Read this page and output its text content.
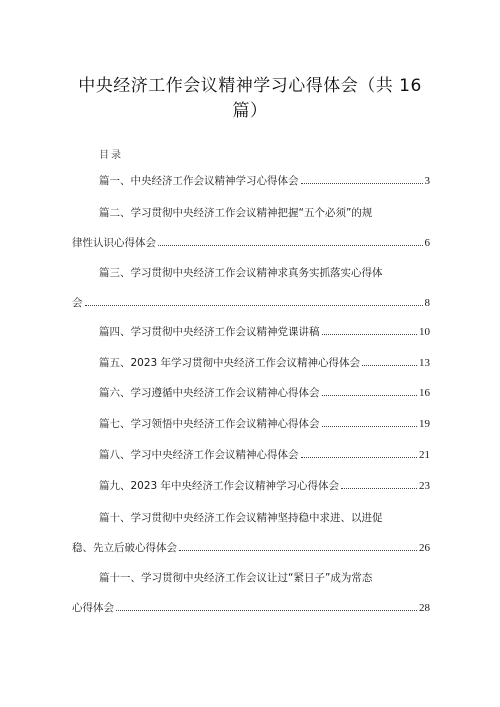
中央经济工作会议精神学习心得体会（共 16
篇）
目录
篇一、中央经济工作会议精神学习心得体会	3
篇二、学习贯彻中央经济工作会议精神把握“五个必须”的规
律性认识心得体会	6
篇三、学习贯彻中央经济工作会议精神求真务实抓落实心得体
会	8
篇四、学习贯彻中央经济工作会议精神党课讲稿	10
篇五、2023 年学习贯彻中央经济工作会议精神心得体会	13
篇六、学习遵循中央经济工作会议精神心得体会	16
篇七、学习领悟中央经济工作会议精神心得体会	19
篇八、学习中央经济工作会议精神心得体会	21
篇九、2023 年中央经济工作会议精神学习心得体会	23
篇十、学习贯彻中央经济工作会议精神坚持稳中求进、以进促
稳、先立后破心得体会	26
篇十一、学习贯彻中央经济工作会议让过“紧日子”成为常态
心得体会	28
